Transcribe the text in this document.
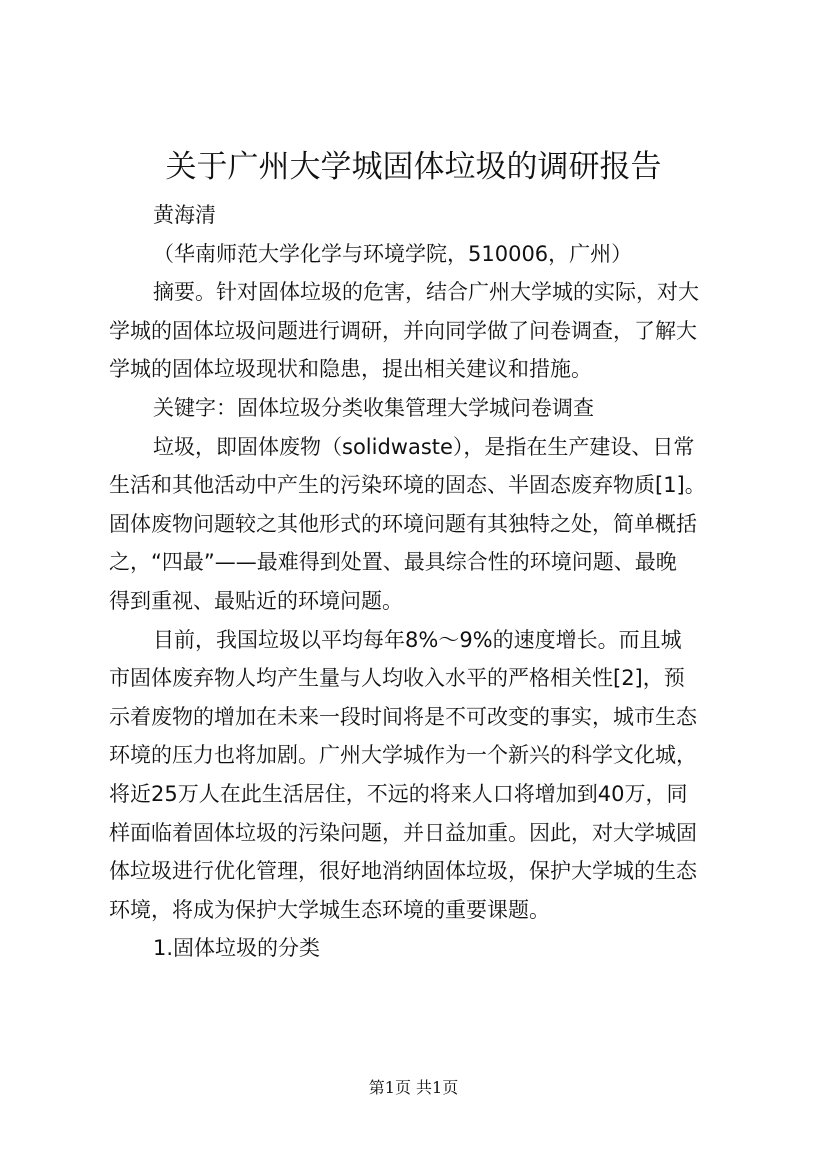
关于广州大学城固体垃圾的调研报告
黄海清
（华南师范大学化学与环境学院，510006，广州）
摘要。针对固体垃圾的危害，结合广州大学城的实际，对大
学城的固体垃圾问题进行调研，并向同学做了问卷调查，了解大
学城的固体垃圾现状和隐患，提出相关建议和措施。
关键字：固体垃圾分类收集管理大学城问卷调查
垃圾，即固体废物（solidwaste），是指在生产建设、日常
生活和其他活动中产生的污染环境的固态、半固态废弃物质[1]。
固体废物问题较之其他形式的环境问题有其独特之处，简单概括
之，“四最”——最难得到处置、最具综合性的环境问题、最晚
得到重视、最贴近的环境问题。
目前，我国垃圾以平均每年8%～9%的速度增长。而且城
市固体废弃物人均产生量与人均收入水平的严格相关性[2]，预
示着废物的增加在未来一段时间将是不可改变的事实，城市生态
环境的压力也将加剧。广州大学城作为一个新兴的科学文化城，
将近25万人在此生活居住，不远的将来人口将增加到40万，同
样面临着固体垃圾的污染问题，并日益加重。因此，对大学城固
体垃圾进行优化管理，很好地消纳固体垃圾，保护大学城的生态
环境，将成为保护大学城生态环境的重要课题。
1.固体垃圾的分类
第1页 共1页
